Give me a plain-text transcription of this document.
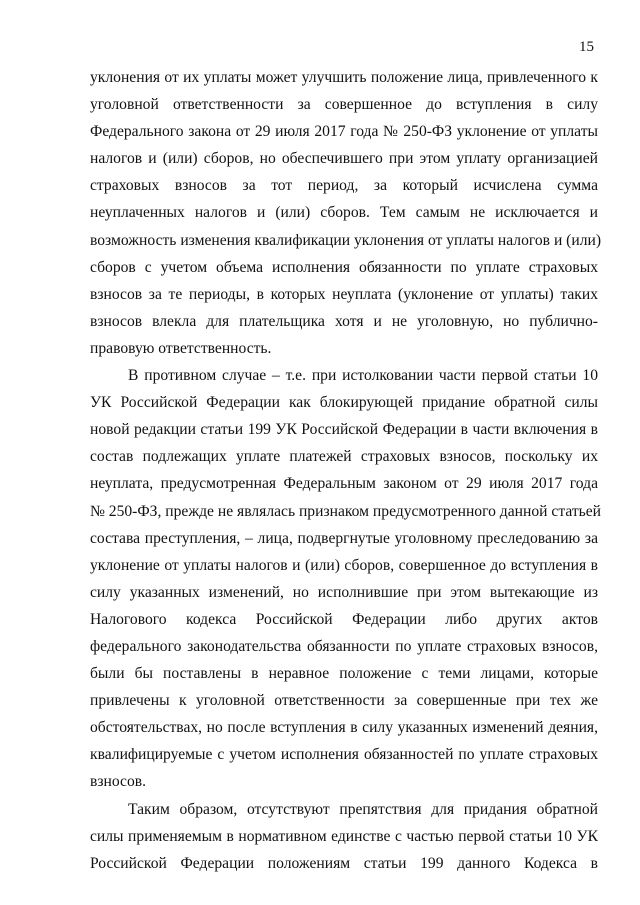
15
уклонения от их уплаты может улучшить положение лица, привлеченного к
уголовной ответственности за совершенное до вступления в силу
Федерального закона от 29 июля 2017 года № 250-ФЗ уклонение от уплаты
налогов и (или) сборов, но обеспечившего при этом уплату организацией
страховых взносов за тот период, за который исчислена сумма
неуплаченных налогов и (или) сборов. Тем самым не исключается и
возможность изменения квалификации уклонения от уплаты налогов и (или)
сборов с учетом объема исполнения обязанности по уплате страховых
взносов за те периоды, в которых неуплата (уклонение от уплаты) таких
взносов влекла для плательщика хотя и не уголовную, но публично-
правовую ответственность.
В противном случае – т.е. при истолковании части первой статьи 10
УК Российской Федерации как блокирующей придание обратной силы
новой редакции статьи 199 УК Российской Федерации в части включения в
состав подлежащих уплате платежей страховых взносов, поскольку их
неуплата, предусмотренная Федеральным законом от 29 июля 2017 года
№ 250-ФЗ, прежде не являлась признаком предусмотренного данной статьей
состава преступления, – лица, подвергнутые уголовному преследованию за
уклонение от уплаты налогов и (или) сборов, совершенное до вступления в
силу указанных изменений, но исполнившие при этом вытекающие из
Налогового кодекса Российской Федерации либо других актов
федерального законодательства обязанности по уплате страховых взносов,
были бы поставлены в неравное положение с теми лицами, которые
привлечены к уголовной ответственности за совершенные при тех же
обстоятельствах, но после вступления в силу указанных изменений деяния,
квалифицируемые с учетом исполнения обязанностей по уплате страховых
взносов.
Таким образом, отсутствуют препятствия для придания обратной
силы применяемым в нормативном единстве с частью первой статьи 10 УК
Российской Федерации положениям статьи 199 данного Кодекса в
